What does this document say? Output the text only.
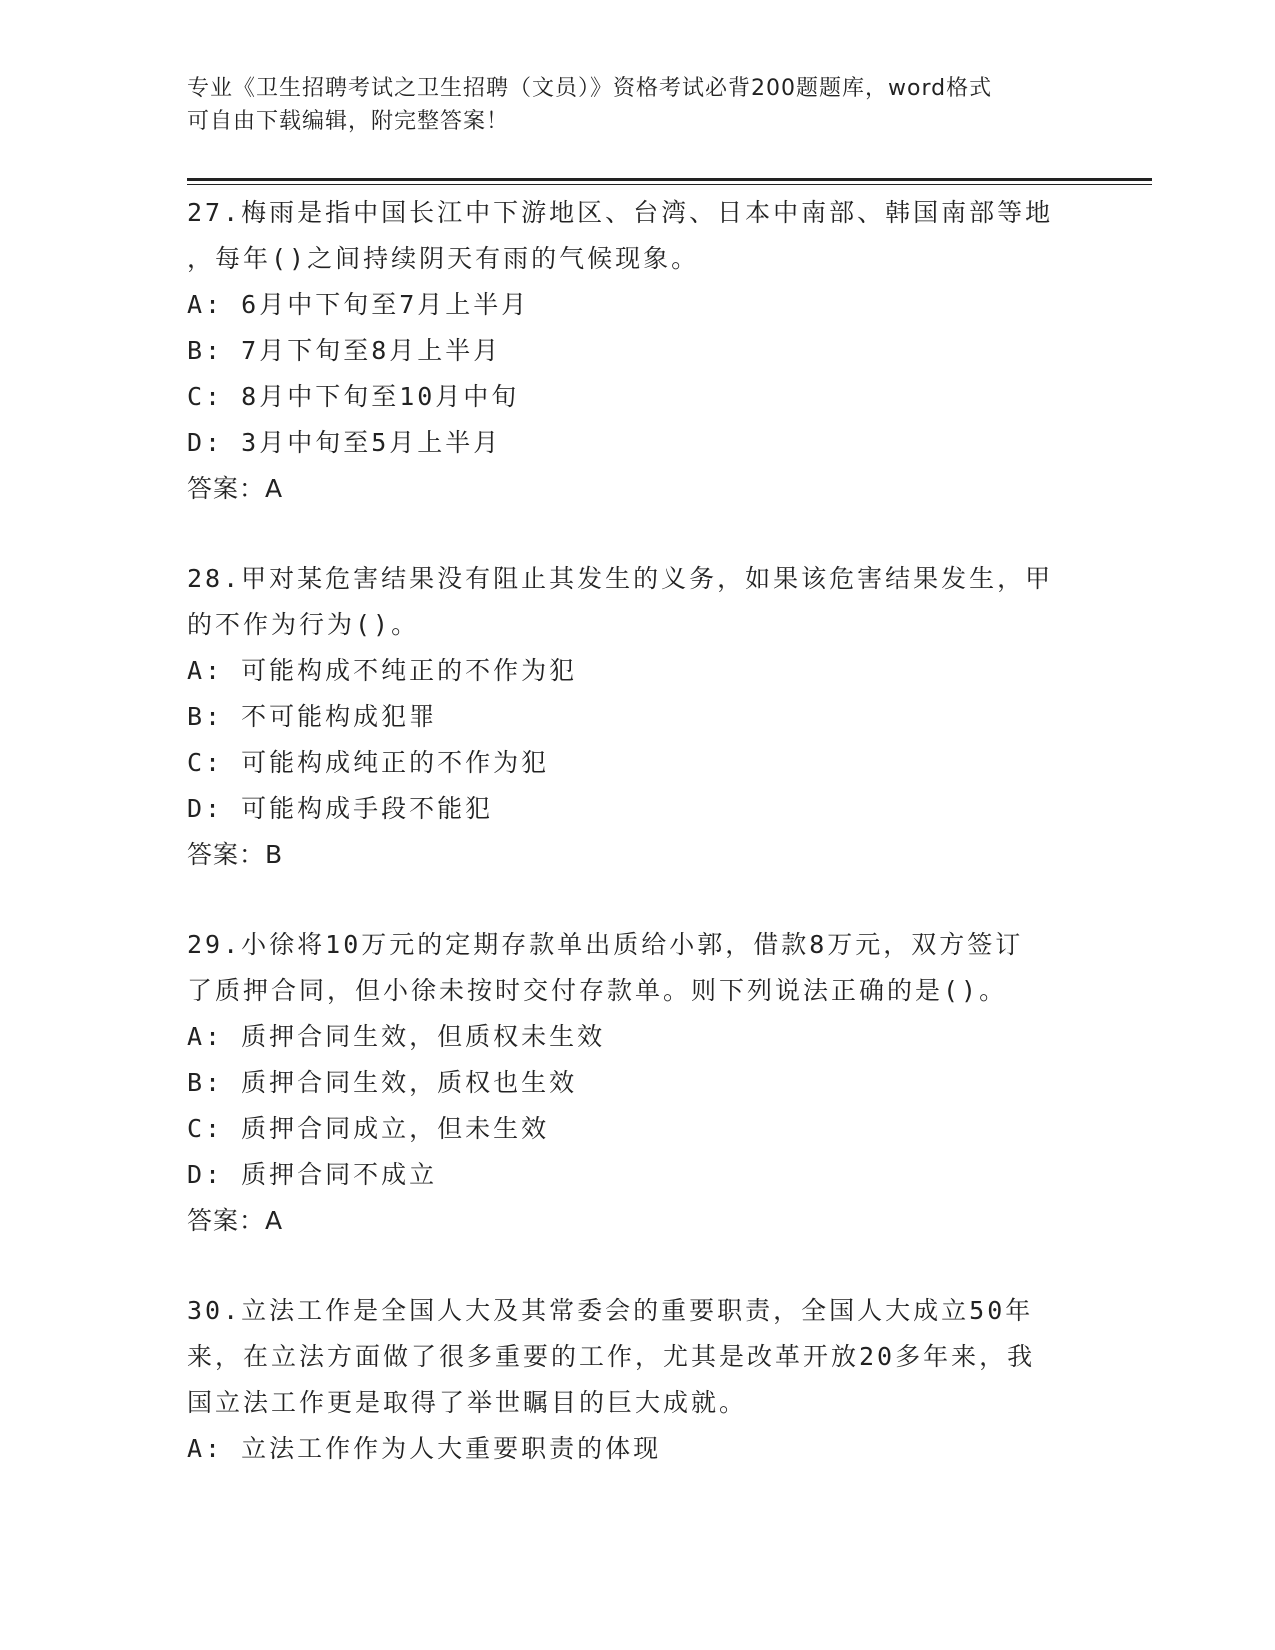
专业《卫生招聘考试之卫生招聘（文员）》资格考试必背200题题库，word格式
可自由下载编辑，附完整答案！
27.梅雨是指中国长江中下游地区、台湾、日本中南部、韩国南部等地
，每年()之间持续阴天有雨的气候现象。
A: 6月中下旬至7月上半月
B: 7月下旬至8月上半月
C: 8月中下旬至10月中旬
D: 3月中旬至5月上半月
答案：A
28.甲对某危害结果没有阻止其发生的义务，如果该危害结果发生，甲
的不作为行为()。
A: 可能构成不纯正的不作为犯
B: 不可能构成犯罪
C: 可能构成纯正的不作为犯
D: 可能构成手段不能犯
答案：B
29.小徐将10万元的定期存款单出质给小郭，借款8万元，双方签订
了质押合同，但小徐未按时交付存款单。则下列说法正确的是()。
A: 质押合同生效，但质权未生效
B: 质押合同生效，质权也生效
C: 质押合同成立，但未生效
D: 质押合同不成立
答案：A
30.立法工作是全国人大及其常委会的重要职责，全国人大成立50年
来，在立法方面做了很多重要的工作，尤其是改革开放20多年来，我
国立法工作更是取得了举世瞩目的巨大成就。
A: 立法工作作为人大重要职责的体现
